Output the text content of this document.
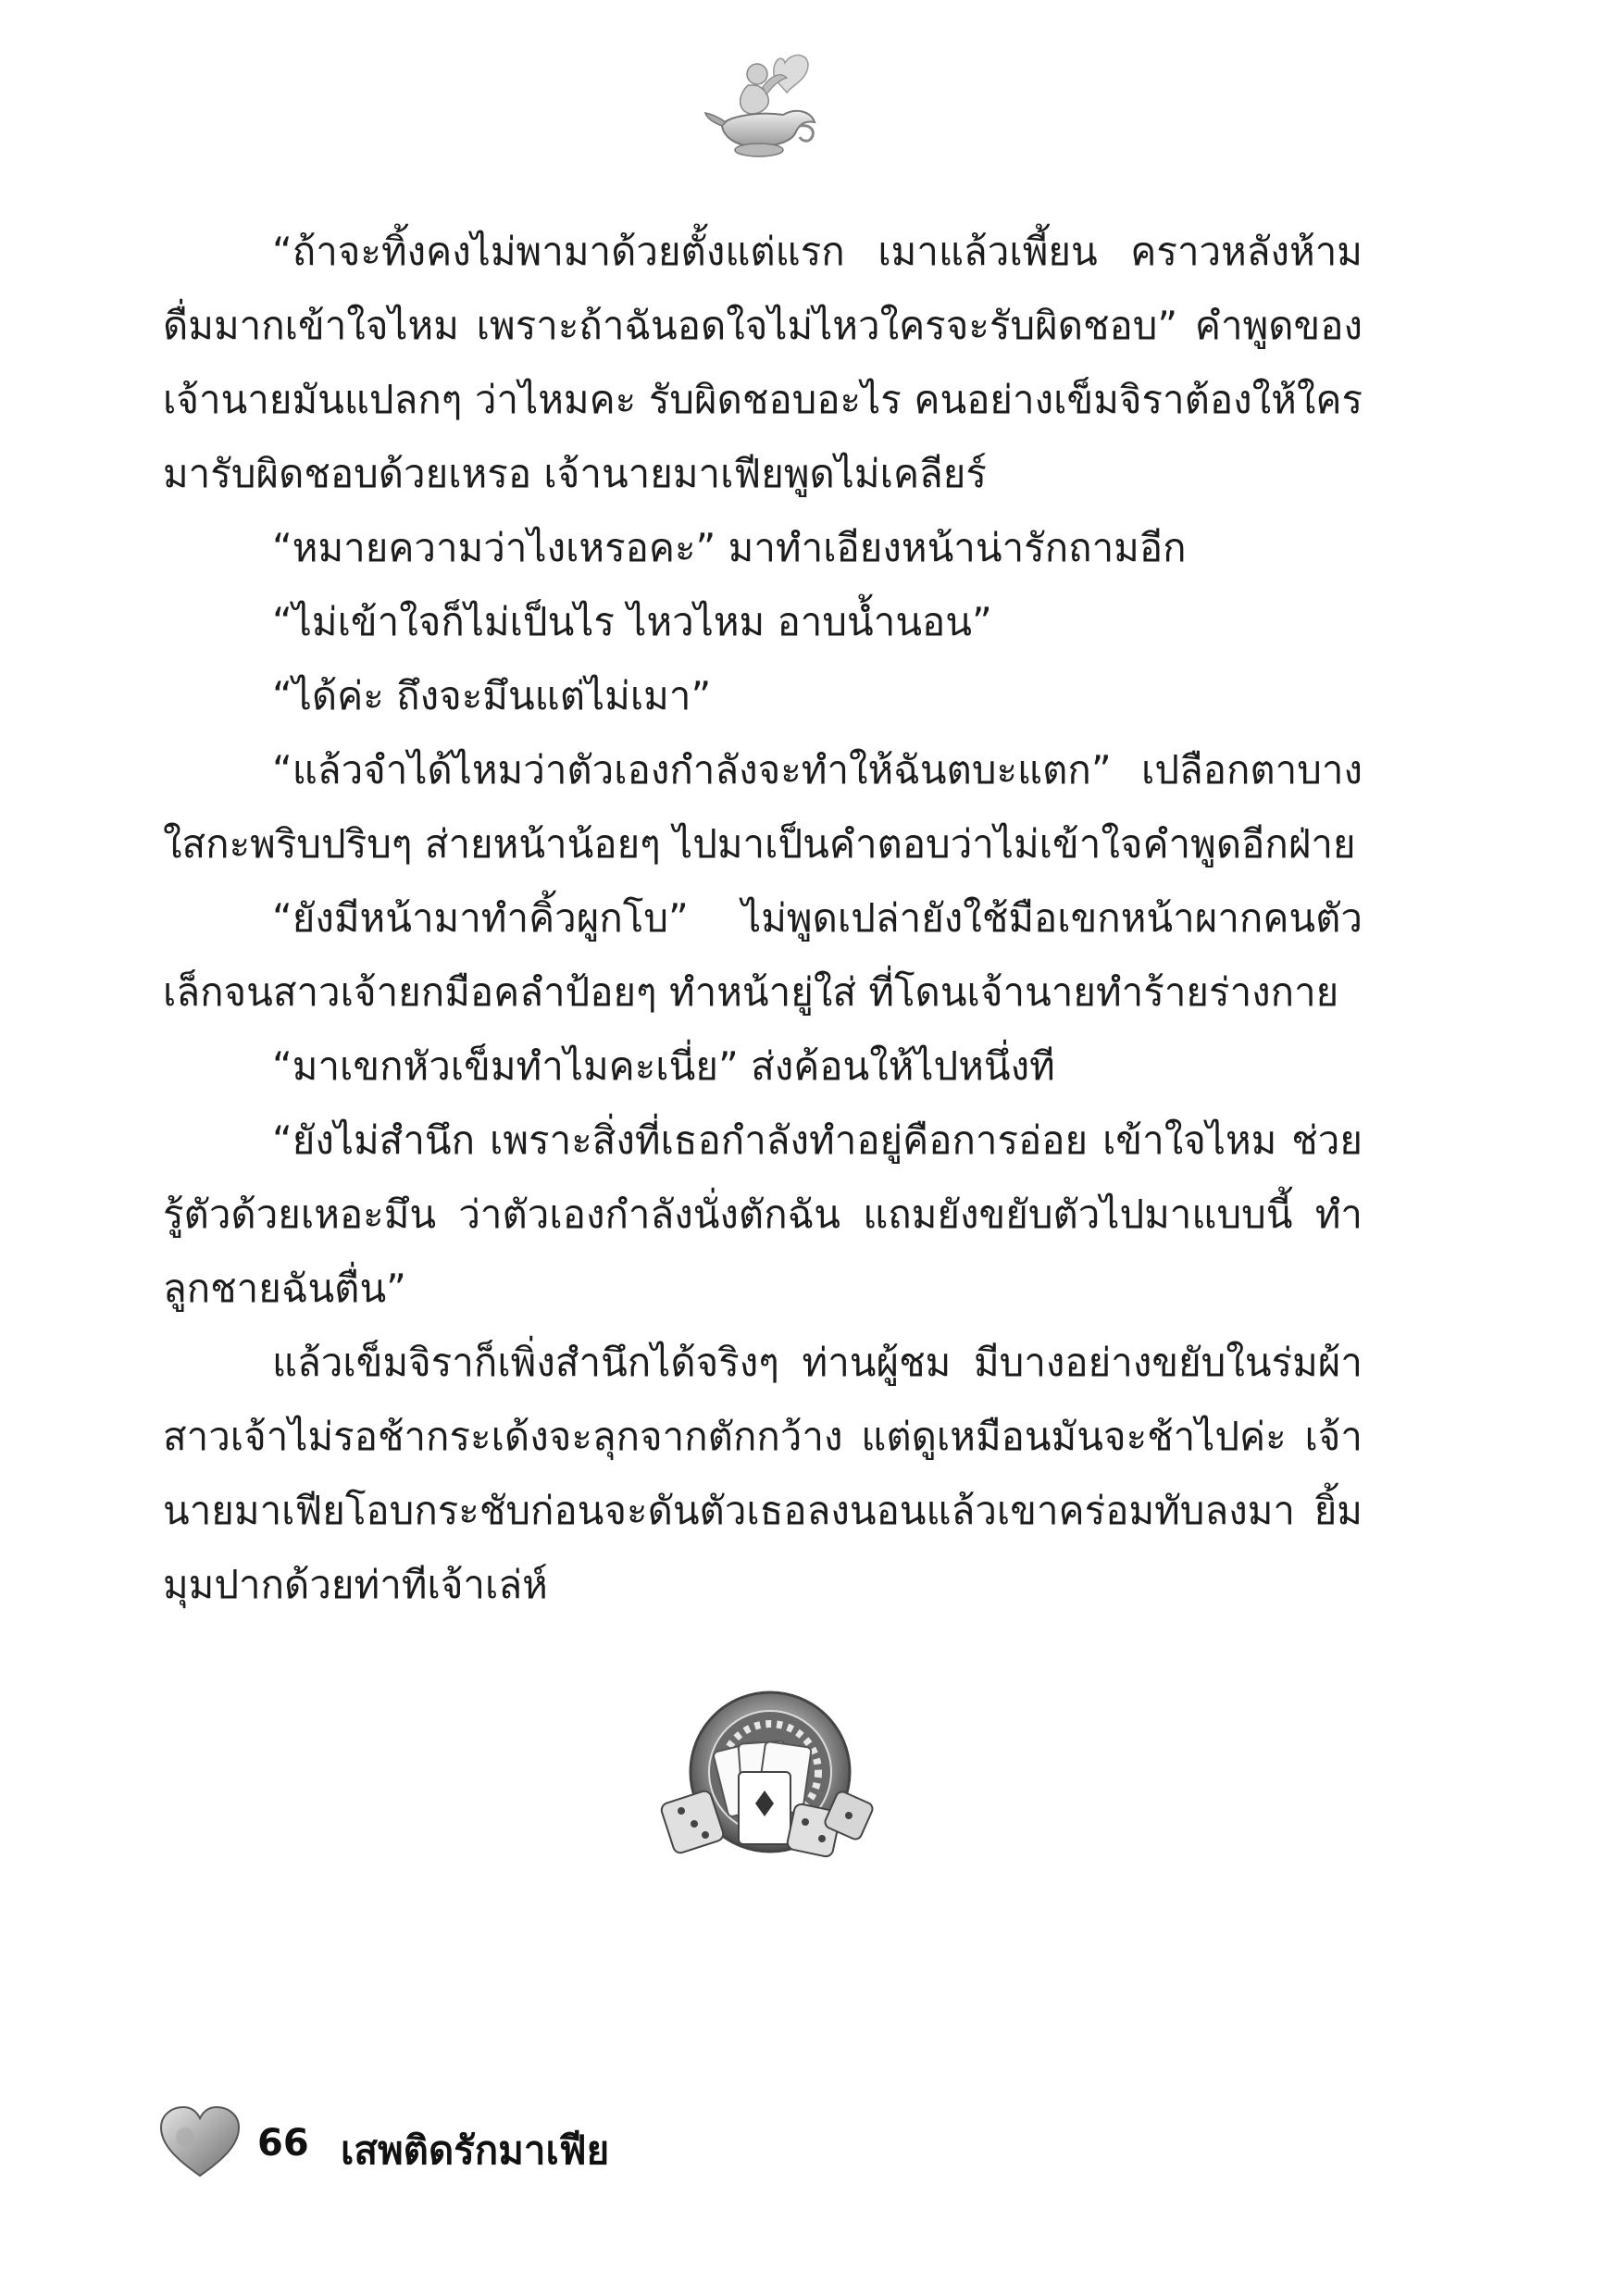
“ถ้าจะทิ้งคงไม่พามาด้วยตั้งแต่แรก เมาแล้วเพี้ยน คราวหลังห้ามดื่มมากเข้าใจไหม เพราะถ้าฉันอดใจไม่ไหวใครจะรับผิดชอบ” คำพูดของเจ้านายมันแปลกๆ ว่าไหมคะ รับผิดชอบอะไร คนอย่างเข็มจิราต้องให้ใครมารับผิดชอบด้วยเหรอ เจ้านายมาเฟียพูดไม่เคลียร์

“หมายความว่าไงเหรอคะ” มาทำเอียงหน้าน่ารักถามอีก

“ไม่เข้าใจก็ไม่เป็นไร ไหวไหม อาบน้ำนอน”

“ได้ค่ะ ถึงจะมึนแต่ไม่เมา”

“แล้วจำได้ไหมว่าตัวเองกำลังจะทำให้ฉันตบะแตก” เปลือกตาบางใสกะพริบปริบๆ ส่ายหน้าน้อยๆ ไปมาเป็นคำตอบว่าไม่เข้าใจคำพูดอีกฝ่าย

“ยังมีหน้ามาทำคิ้วผูกโบ” ไม่พูดเปล่ายังใช้มือเขกหน้าผากคนตัวเล็กจนสาวเจ้ายกมือคลำป้อยๆ ทำหน้ายู่ใส่ ที่โดนเจ้านายทำร้ายร่างกาย

“มาเขกหัวเข็มทำไมคะเนี่ย” ส่งค้อนให้ไปหนึ่งที

“ยังไม่สำนึก เพราะสิ่งที่เธอกำลังทำอยู่คือการอ่อย เข้าใจไหม ช่วยรู้ตัวด้วยเหอะมึน ว่าตัวเองกำลังนั่งตักฉัน แถมยังขยับตัวไปมาแบบนี้ ทำลูกชายฉันตื่น”

แล้วเข็มจิราก็เพิ่งสำนึกได้จริงๆ ท่านผู้ชม มีบางอย่างขยับในร่มผ้าสาวเจ้าไม่รอช้ากระเด้งจะลุกจากตักกว้าง แต่ดูเหมือนมันจะช้าไปค่ะ เจ้านายมาเฟียโอบกระชับก่อนจะดันตัวเธอลงนอนแล้วเขาคร่อมทับลงมา ยิ้มมุมปากด้วยท่าทีเจ้าเล่ห์

66 เสพติดรักมาเฟีย
